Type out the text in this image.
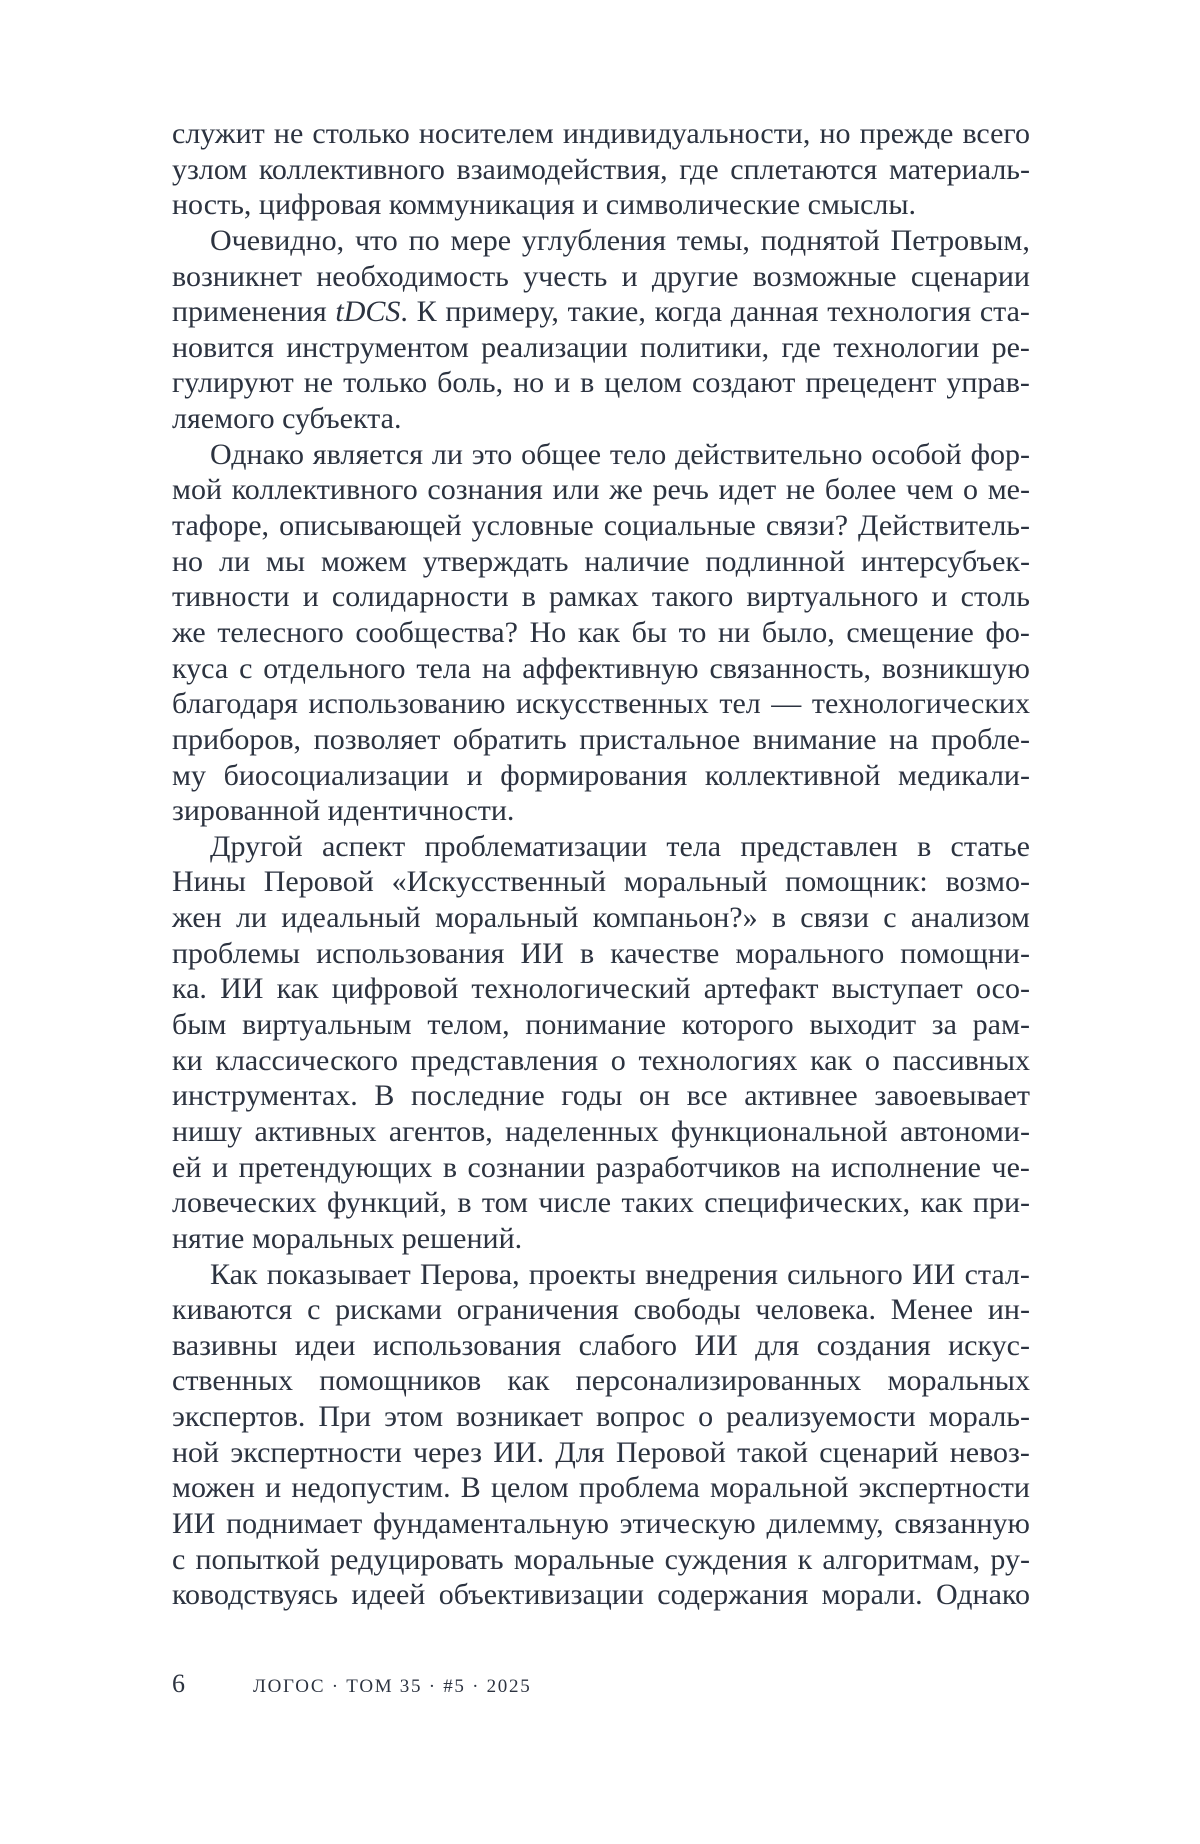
служит не столько носителем индивидуальности, но прежде всего
узлом коллективного взаимодействия, где сплетаются материаль-
ность, цифровая коммуникация и символические смыслы.
Очевидно, что по мере углубления темы, поднятой Петровым,
возникнет необходимость учесть и другие возможные сценарии
применения tDCS. К примеру, такие, когда данная технология ста-
новится инструментом реализации политики, где технологии ре-
гулируют не только боль, но и в целом создают прецедент управ-
ляемого субъекта.
Однако является ли это общее тело действительно особой фор-
мой коллективного сознания или же речь идет не более чем о ме-
тафоре, описывающей условные социальные связи? Действитель-
но ли мы можем утверждать наличие подлинной интерсубъек-
тивности и солидарности в рамках такого виртуального и столь
же телесного сообщества? Но как бы то ни было, смещение фо-
куса с отдельного тела на аффективную связанность, возникшую
благодаря использованию искусственных тел — технологических
приборов, позволяет обратить пристальное внимание на пробле-
му биосоциализации и формирования коллективной медикали-
зированной идентичности.
Другой аспект проблематизации тела представлен в статье
Нины Перовой «Искусственный моральный помощник: возмо-
жен ли идеальный моральный компаньон?» в связи с анализом
проблемы использования ИИ в качестве морального помощни-
ка. ИИ как цифровой технологический артефакт выступает осо-
бым виртуальным телом, понимание которого выходит за рам-
ки классического представления о технологиях как о пассивных
инструментах. В последние годы он все активнее завоевывает
нишу активных агентов, наделенных функциональной автономи-
ей и претендующих в сознании разработчиков на исполнение че-
ловеческих функций, в том числе таких специфических, как при-
нятие моральных решений.
Как показывает Перова, проекты внедрения сильного ИИ стал-
киваются с рисками ограничения свободы человека. Менее ин-
вазивны идеи использования слабого ИИ для создания искус-
ственных помощников как персонализированных моральных
экспертов. При этом возникает вопрос о реализуемости мораль-
ной экспертности через ИИ. Для Перовой такой сценарий невоз-
можен и недопустим. В целом проблема моральной экспертности
ИИ поднимает фундаментальную этическую дилемму, связанную
с попыткой редуцировать моральные суждения к алгоритмам, ру-
ководствуясь идеей объективизации содержания морали. Однако
6	ЛОГОС · ТОМ 35 · #5 · 2025
